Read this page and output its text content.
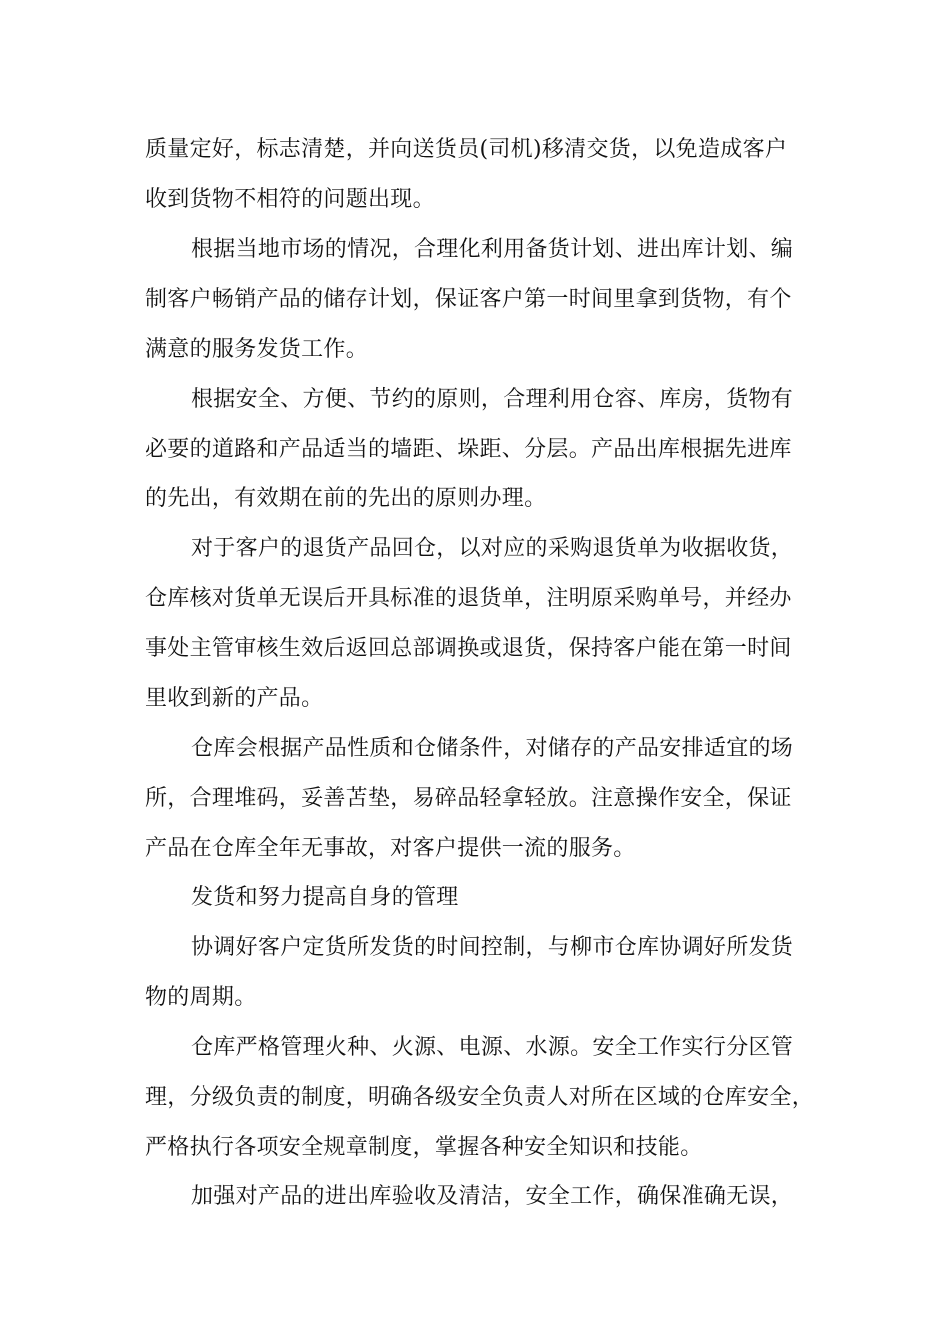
质量定好，标志清楚，并向送货员(司机)移清交货，以免造成客户
收到货物不相符的问题出现。
根据当地市场的情况，合理化利用备货计划、进出库计划、编
制客户畅销产品的储存计划，保证客户第一时间里拿到货物，有个
满意的服务发货工作。
根据安全、方便、节约的原则，合理利用仓容、库房，货物有
必要的道路和产品适当的墙距、垛距、分层。产品出库根据先进库
的先出，有效期在前的先出的原则办理。
对于客户的退货产品回仓，以对应的采购退货单为收据收货，
仓库核对货单无误后开具标准的退货单，注明原采购单号，并经办
事处主管审核生效后返回总部调换或退货，保持客户能在第一时间
里收到新的产品。
仓库会根据产品性质和仓储条件，对储存的产品安排适宜的场
所，合理堆码，妥善苫垫，易碎品轻拿轻放。注意操作安全，保证
产品在仓库全年无事故，对客户提供一流的服务。
发货和努力提高自身的管理
协调好客户定货所发货的时间控制，与柳市仓库协调好所发货
物的周期。
仓库严格管理火种、火源、电源、水源。安全工作实行分区管
理，分级负责的制度，明确各级安全负责人对所在区域的仓库安全，
严格执行各项安全规章制度，掌握各种安全知识和技能。
加强对产品的进出库验收及清洁，安全工作，确保准确无误，
